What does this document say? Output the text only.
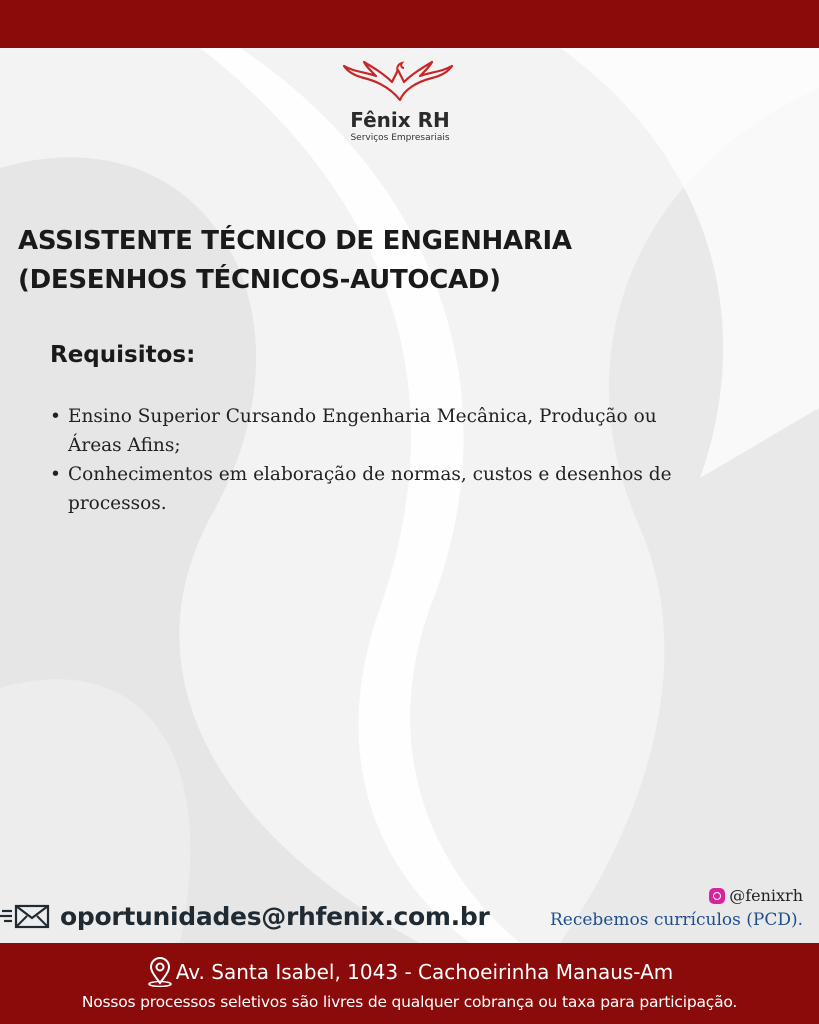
Fênix RH
Serviços Empresariais
ASSISTENTE TÉCNICO DE ENGENHARIA
(DESENHOS TÉCNICOS-AUTOCAD)
Requisitos:
• Ensino Superior Cursando Engenharia Mecânica, Produção ou Áreas Afins;
• Conhecimentos em elaboração de normas, custos e desenhos de processos.
oportunidades@rhfenix.com.br
@fenixrh
Recebemos currículos (PCD).
Av. Santa Isabel, 1043 - Cachoeirinha Manaus-Am
Nossos processos seletivos são livres de qualquer cobrança ou taxa para participação.
